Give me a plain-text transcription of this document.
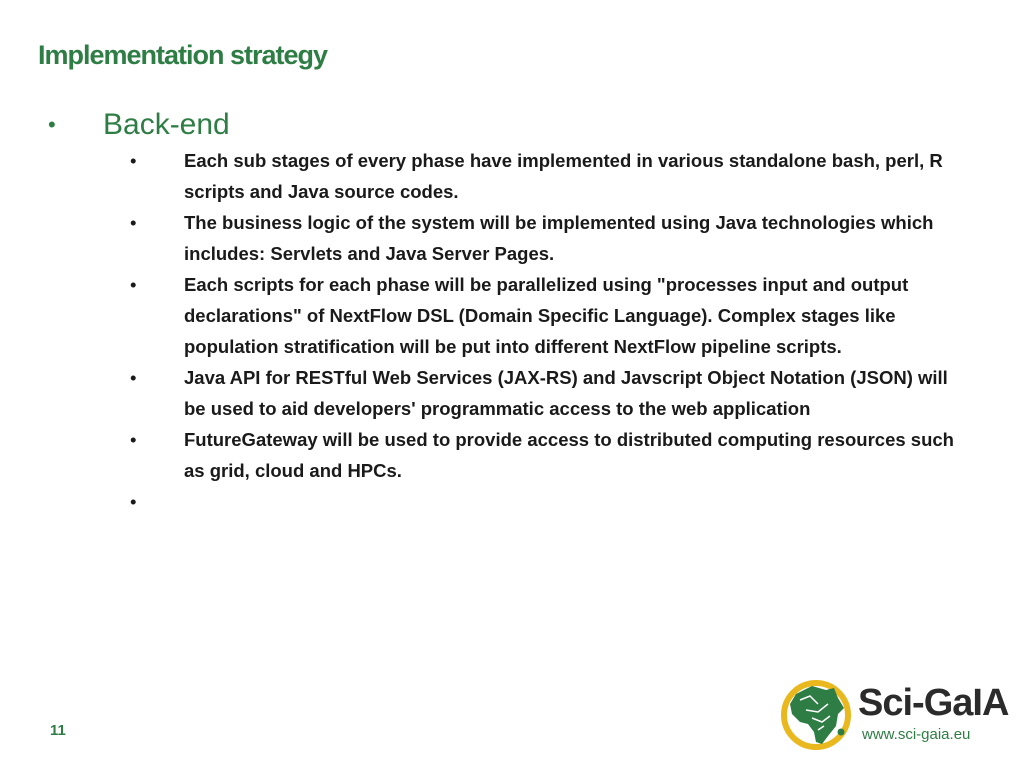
Implementation strategy
• Back-end
•	Each sub stages of every phase have implemented in various standalone bash, perl, R scripts and Java source codes.
•	The business logic of the system will be implemented using Java technologies which includes: Servlets and Java Server Pages.
•	Each scripts for each phase will be parallelized using "processes input and output declarations" of NextFlow DSL (Domain Specific Language). Complex stages like population stratification will be put into different NextFlow pipeline scripts.
•	Java API for RESTful Web Services (JAX-RS) and Javscript Object Notation (JSON) will be used to aid developers' programmatic access to the web application
•	FutureGateway will be used to provide access to distributed computing resources such as grid, cloud and HPCs.
•
11
Sci-GaIA
www.sci-gaia.eu
